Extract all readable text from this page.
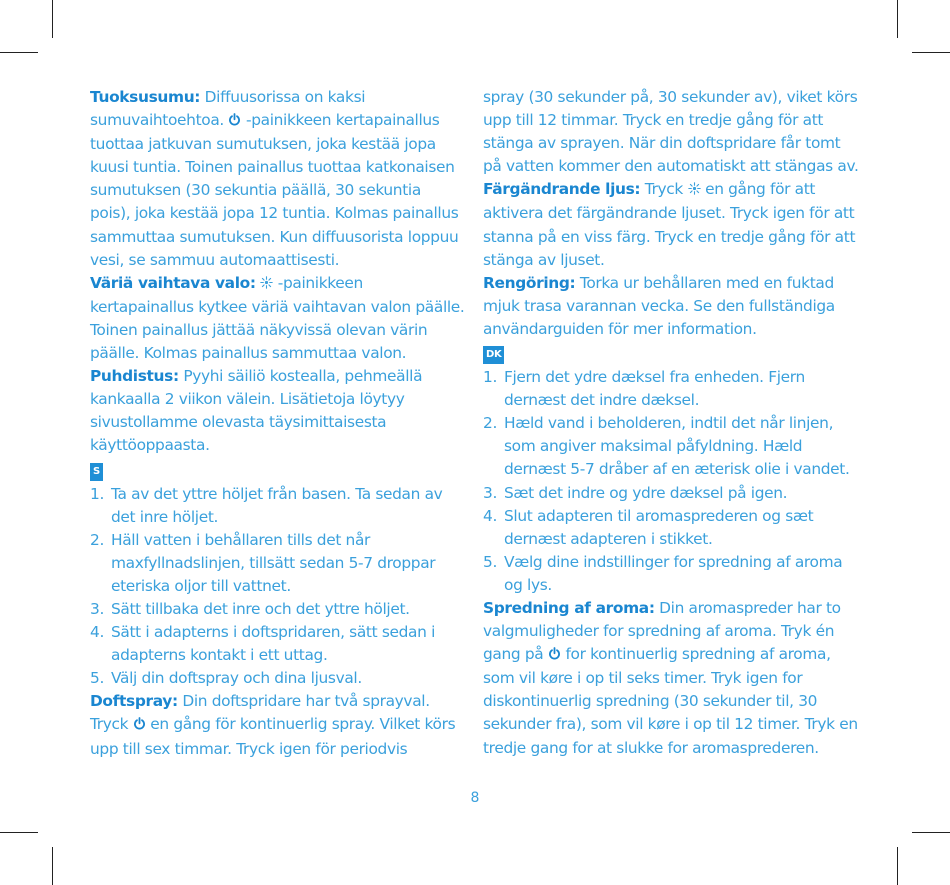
Tuoksusumu: Diffuusorissa on kaksi sumuvaihtoehtoa.  -painikkeen kertapainallus tuottaa jatkuvan sumutuksen, joka kestää jopa kuusi tuntia. Toinen painallus tuottaa katkonaisen sumutuksen (30 sekuntia päällä, 30 sekuntia pois), joka kestää jopa 12 tuntia. Kolmas painallus sammuttaa sumutuksen. Kun diffuusorista loppuu vesi, se sammuu automaattisesti.

Väriä vaihtava valo:  -painikkeen kertapainallus kytkee väriä vaihtavan valon päälle. Toinen painallus jättää näkyvissä olevan värin päälle. Kolmas painallus sammuttaa valon.

Puhdistus: Pyyhi säiliö kostealla, pehmeällä kankaalla 2 viikon välein. Lisätietoja löytyy sivustollamme olevasta täysimittaisesta käyttöoppaasta.

S
1. Ta av det yttre höljet från basen. Ta sedan av det inre höljet.
2. Häll vatten i behållaren tills det når maxfyllnadslinjen, tillsätt sedan 5-7 droppar eteriska oljor till vattnet.
3. Sätt tillbaka det inre och det yttre höljet.
4. Sätt i adapterns i doftspridaren, sätt sedan i adapterns kontakt i ett uttag.
5. Välj din doftspray och dina ljusval.

Doftspray: Din doftspridare har två sprayval. Tryck  en gång för kontinuerlig spray. Vilket körs upp till sex timmar. Tryck igen för periodvis

spray (30 sekunder på, 30 sekunder av), viket körs upp till 12 timmar. Tryck en tredje gång för att stänga av sprayen. När din doftspridare får tomt på vatten kommer den automatiskt att stängas av.

Färgändrande ljus: Tryck  en gång för att aktivera det färgändrande ljuset. Tryck igen för att stanna på en viss färg. Tryck en tredje gång för att stänga av ljuset.

Rengöring: Torka ur behållaren med en fuktad mjuk trasa varannan vecka. Se den fullständiga användarguiden för mer information.

DK
1. Fjern det ydre dæksel fra enheden. Fjern dernæst det indre dæksel.
2. Hæld vand i beholderen, indtil det når linjen, som angiver maksimal påfyldning. Hæld dernæst 5-7 dråber af en æterisk olie i vandet.
3. Sæt det indre og ydre dæksel på igen.
4. Slut adapteren til aromasprederen og sæt dernæst adapteren i stikket.
5. Vælg dine indstillinger for spredning af aroma og lys.

Spredning af aroma: Din aromaspreder har to valgmuligheder for spredning af aroma. Tryk én gang på  for kontinuerlig spredning af aroma, som vil køre i op til seks timer. Tryk igen for diskontinuerlig spredning (30 sekunder til, 30 sekunder fra), som vil køre i op til 12 timer. Tryk en tredje gang for at slukke for aromasprederen.

8
